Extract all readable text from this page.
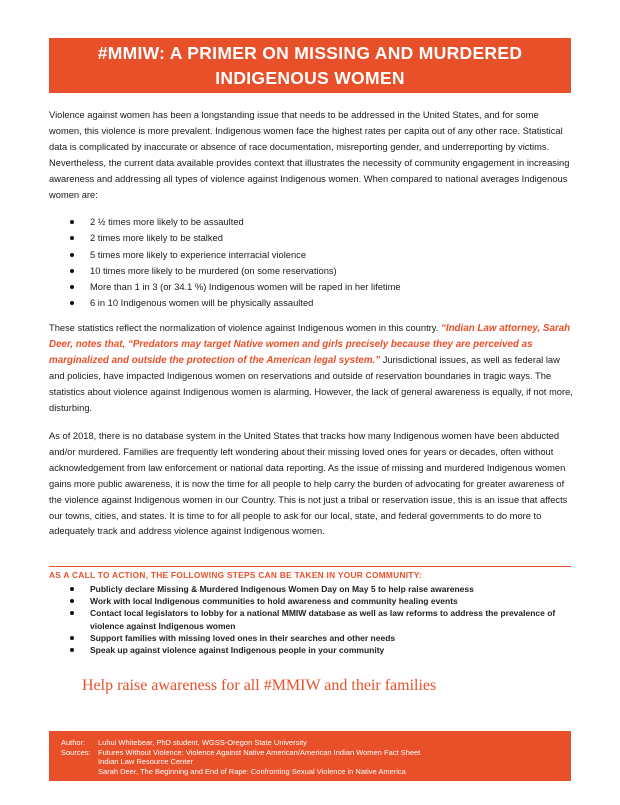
#MMIW: A PRIMER ON MISSING AND MURDERED INDIGENOUS WOMEN

Violence against women has been a longstanding issue that needs to be addressed in the United States, and for some women, this violence is more prevalent. Indigenous women face the highest rates per capita out of any other race. Statistical data is complicated by inaccurate or absence of race documentation, misreporting gender, and underreporting by victims. Nevertheless, the current data available provides context that illustrates the necessity of community engagement in increasing awareness and addressing all types of violence against Indigenous women. When compared to national averages Indigenous women are:

2 ½ times more likely to be assaulted
2 times more likely to be stalked
5 times more likely to experience interracial violence
10 times more likely to be murdered (on some reservations)
More than 1 in 3 (or 34.1 %) Indigenous women will be raped in her lifetime
6 in 10 Indigenous women will be physically assaulted

These statistics reflect the normalization of violence against Indigenous women in this country. “Indian Law attorney, Sarah Deer, notes that, “Predators may target Native women and girls precisely because they are perceived as marginalized and outside the protection of the American legal system.” Jurisdictional issues, as well as federal law and policies, have impacted Indigenous women on reservations and outside of reservation boundaries in tragic ways. The statistics about violence against Indigenous women is alarming. However, the lack of general awareness is equally, if not more, disturbing.

As of 2018, there is no database system in the United States that tracks how many Indigenous women have been abducted and/or murdered. Families are frequently left wondering about their missing loved ones for years or decades, often without acknowledgement from law enforcement or national data reporting. As the issue of missing and murdered Indigenous women gains more public awareness, it is now the time for all people to help carry the burden of advocating for greater awareness of the violence against Indigenous women in our Country. This is not just a tribal or reservation issue, this is an issue that affects our towns, cities, and states. It is time to for all people to ask for our local, state, and federal governments to do more to adequately track and address violence against Indigenous women.

AS A CALL TO ACTION, THE FOLLOWING STEPS CAN BE TAKEN IN YOUR COMMUNITY:
Publicly declare Missing & Murdered Indigenous Women Day on May 5 to help raise awareness
Work with local Indigenous communities to hold awareness and community healing events
Contact local legislators to lobby for a national MMIW database as well as law reforms to address the prevalence of violence against Indigenous women
Support families with missing loved ones in their searches and other needs
Speak up against violence against Indigenous people in your community
Help raise awareness for all #MMIW and their families
Author:	Luhui Whitebear, PhD student, WGSS-Oregon State University
Sources: Futures Without Violence: Violence Against Native American/American Indian Women Fact Sheet
Indian Law Resource Center
Sarah Deer, The Beginning and End of Rape: Confronting Sexual Violence in Native America
